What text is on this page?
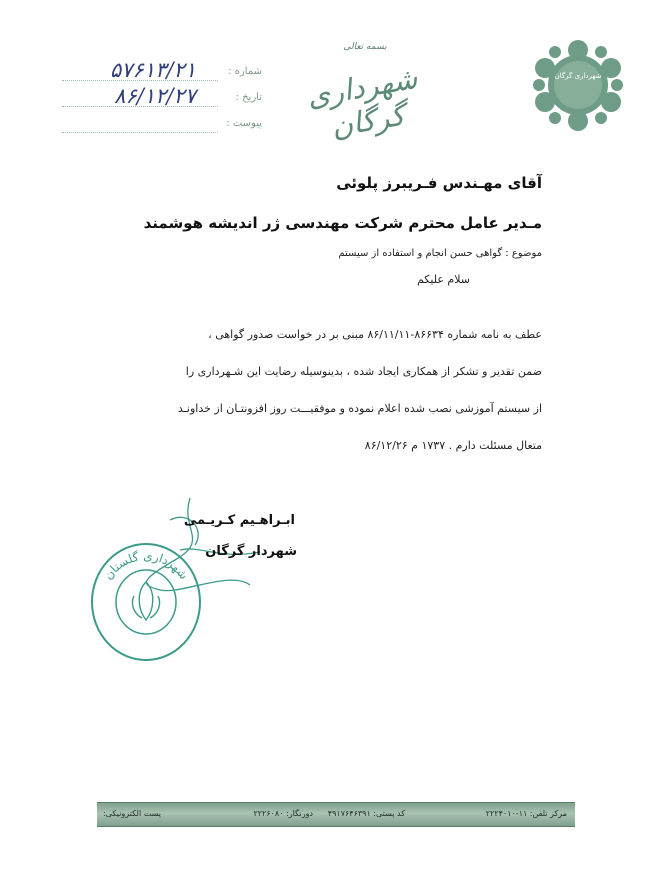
شهرداری گرگان
بسمه تعالی
شهرداری گرگان
شماره :
۵۷۶۱۳/۲۱
تاریخ :
۸۶/۱۲/۲۷
پیوست :
آقای مهـندس فـریبرز پلوئی
مـدیر عامل محترم شرکت مهندسی ژر اندیشه هوشمند
موضوع : گواهی حسن انجام و استفاده از سیستم
سلام علیکم
عطف به نامه شماره ۸۶۶۳۴-۸۶/۱۱/۱۱ مبنی بر در خواست صدور گواهی ،
ضمن تقدیر و تشکر از همکاری ایجاد شده ، بدینوسیله رضایت این شـهرداری را
از سیستم آموزشی نصب شده اعلام نموده و موفقیـــت روز افزونتـان از خداونـد
متعال مسئلت دارم . ۱۷۳۷ م ۸۶/۱۲/۲۶
شهرداری گلستان
ابـراهـیم کـریـمی
شهردار گرگان
مرکز تلفن: ۱۱-۲۲۲۴۰۱۰
کد پستی: ۴۹۱۷۶۴۶۳۹۱
دورنگار: ۲۲۲۶۰۸۰
پست الکترونیکی:
